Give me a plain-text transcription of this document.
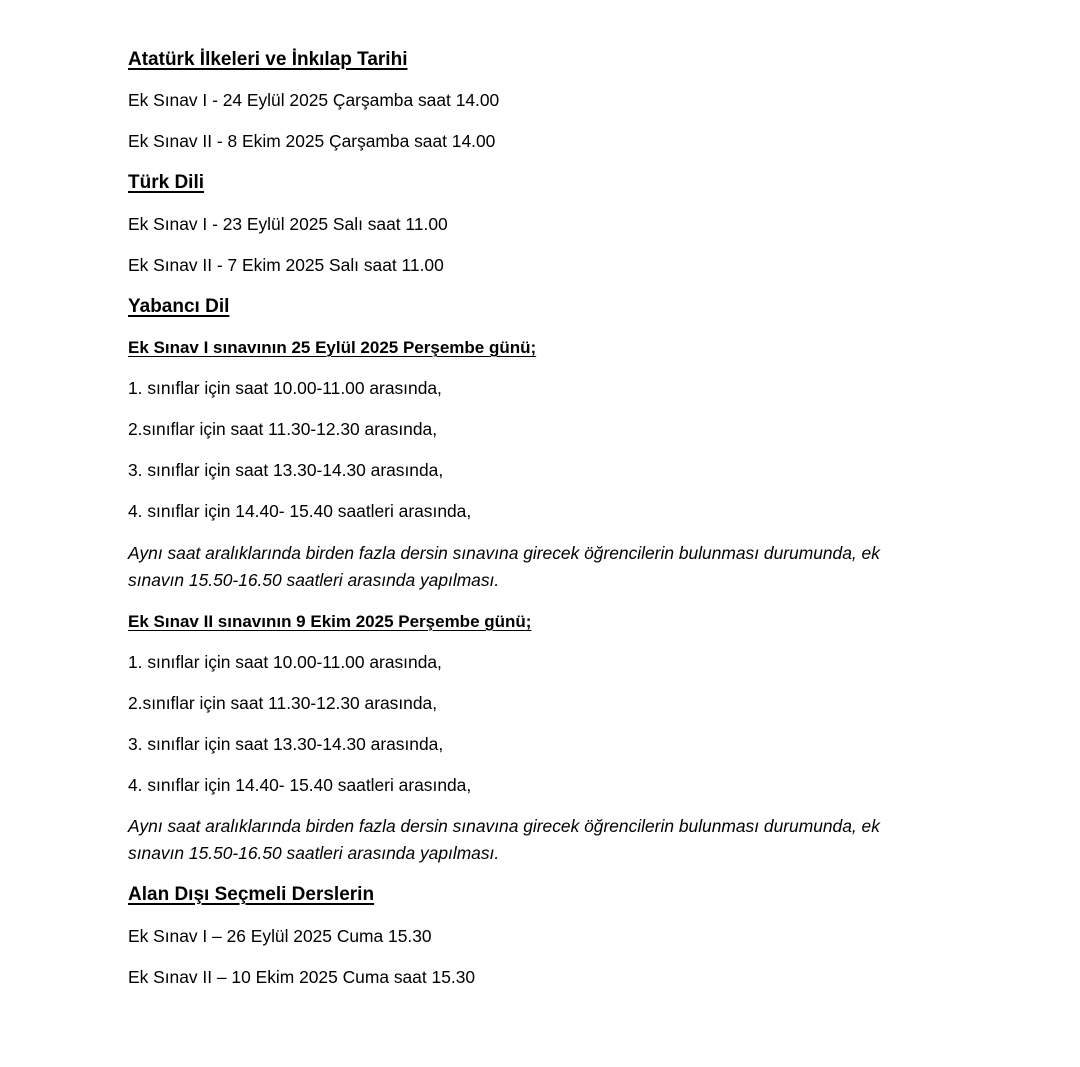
Atatürk İlkeleri ve İnkılap Tarihi
Ek Sınav I - 24 Eylül 2025 Çarşamba saat 14.00
Ek Sınav II - 8 Ekim 2025 Çarşamba saat 14.00
Türk Dili
Ek Sınav I - 23 Eylül 2025 Salı saat 11.00
Ek Sınav II - 7 Ekim 2025 Salı saat 11.00
Yabancı Dil
Ek Sınav I sınavının 25 Eylül 2025 Perşembe günü;
1. sınıflar için saat 10.00-11.00 arasında,
2.sınıflar için saat 11.30-12.30 arasında,
3. sınıflar için saat 13.30-14.30 arasında,
4. sınıflar için 14.40- 15.40 saatleri arasında,
Aynı saat aralıklarında birden fazla dersin sınavına girecek öğrencilerin bulunması durumunda, ek
sınavın 15.50-16.50 saatleri arasında yapılması.
Ek Sınav II sınavının 9 Ekim 2025 Perşembe günü;
1. sınıflar için saat 10.00-11.00 arasında,
2.sınıflar için saat 11.30-12.30 arasında,
3. sınıflar için saat 13.30-14.30 arasında,
4. sınıflar için 14.40- 15.40 saatleri arasında,
Aynı saat aralıklarında birden fazla dersin sınavına girecek öğrencilerin bulunması durumunda, ek
sınavın 15.50-16.50 saatleri arasında yapılması.
Alan Dışı Seçmeli Derslerin
Ek Sınav I – 26 Eylül 2025 Cuma 15.30
Ek Sınav II – 10 Ekim 2025 Cuma saat 15.30
